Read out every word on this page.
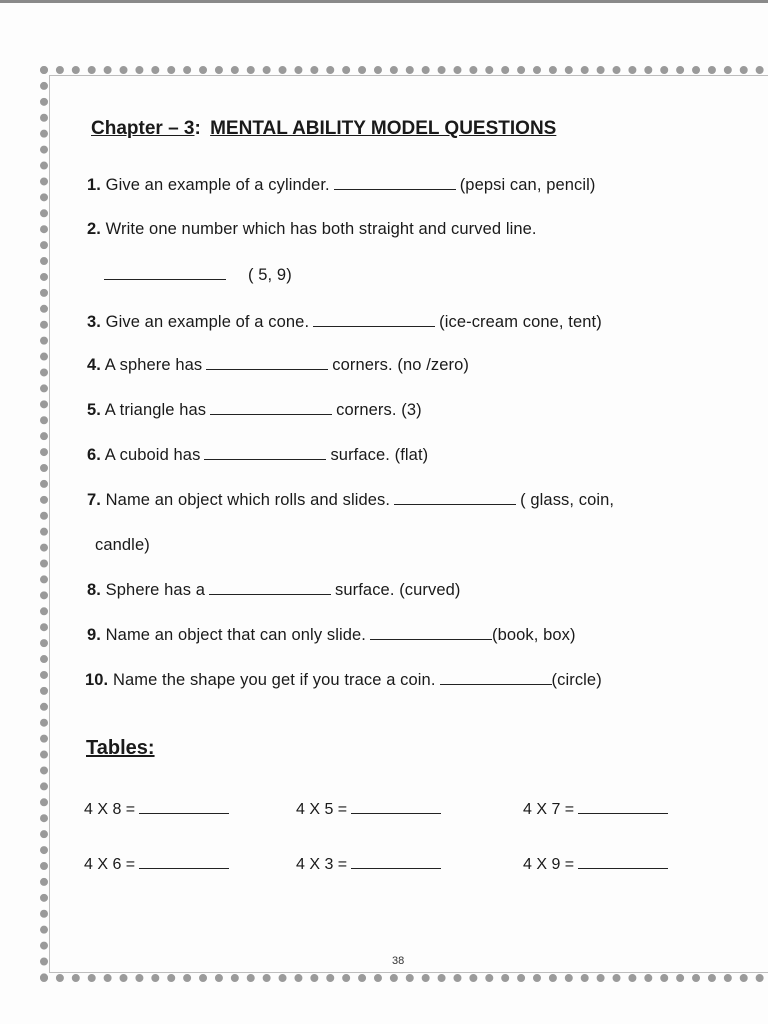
Chapter – 3: MENTAL ABILITY MODEL QUESTIONS
1. Give an example of a cylinder.	(pepsi can, pencil)
2. Write one number which has both straight and curved line.
( 5, 9)
3. Give an example of a cone.	(ice-cream cone, tent)
4. A sphere has	corners. (no /zero)
5. A triangle has	corners. (3)
6. A cuboid has	surface. (flat)
7. Name an object which rolls and slides.	( glass, coin,
candle)
8. Sphere has a	surface. (curved)
9. Name an object that can only slide.	(book, box)
10. Name the shape you get if you trace a coin.	(circle)
Tables:
4 X 8 =	4 X 5 =	4 X 7 =
4 X 6 =	4 X 3 =	4 X 9 =
38
